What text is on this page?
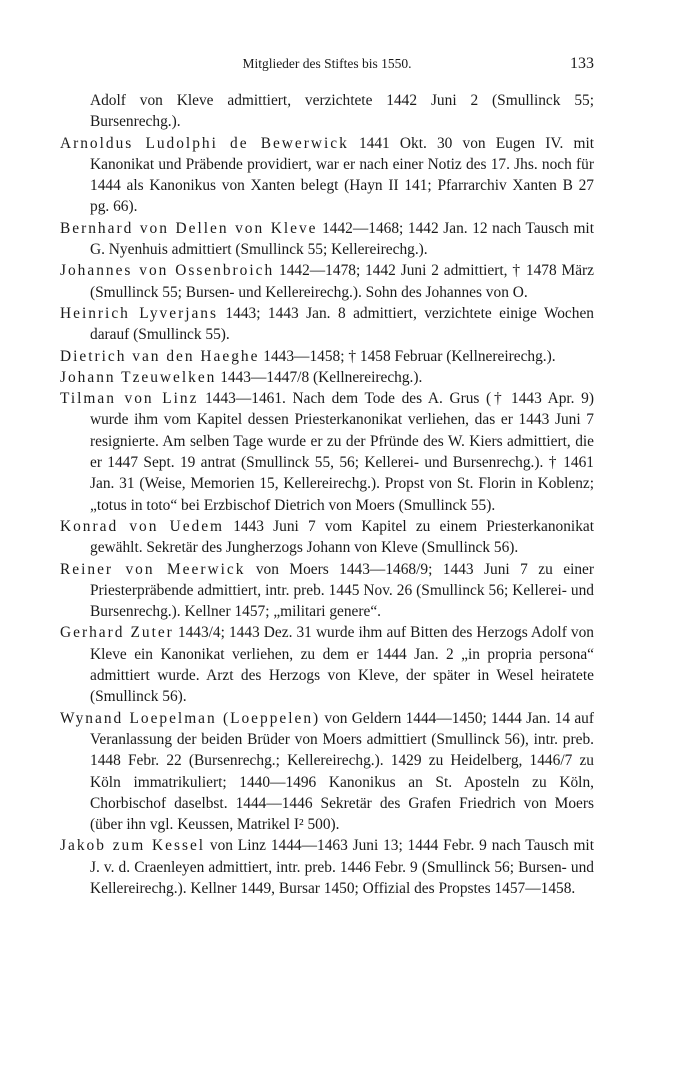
Mitglieder des Stiftes bis 1550.	133

Adolf von Kleve admittiert, verzichtete 1442 Juni 2 (Smullinck 55; Bursenrechg.).

Arnoldus Ludolphi de Bewerwick 1441 Okt. 30 von Eugen IV. mit Kanonikat und Präbende providiert, war er nach einer Notiz des 17. Jhs. noch für 1444 als Kanonikus von Xanten belegt (Hayn II 141; Pfarrarchiv Xanten B 27 pg. 66).

Bernhard von Dellen von Kleve 1442—1468; 1442 Jan. 12 nach Tausch mit G. Nyenhuis admittiert (Smullinck 55; Kellereirechg.).

Johannes von Ossenbroich 1442—1478; 1442 Juni 2 admittiert, † 1478 März (Smullinck 55; Bursen- und Kellereirechg.). Sohn des Johannes von O.

Heinrich Lyverjans 1443; 1443 Jan. 8 admittiert, verzichtete einige Wochen darauf (Smullinck 55).

Dietrich van den Haeghe 1443—1458; † 1458 Februar (Kellnereirechg.).

Johann Tzeuwelken 1443—1447/8 (Kellnereirechg.).

Tilman von Linz 1443—1461. Nach dem Tode des A. Grus († 1443 Apr. 9) wurde ihm vom Kapitel dessen Priesterkanonikat verliehen, das er 1443 Juni 7 resignierte. Am selben Tage wurde er zu der Pfründe des W. Kiers admittiert, die er 1447 Sept. 19 antrat (Smullinck 55, 56; Kellerei- und Bursenrechg.). † 1461 Jan. 31 (Weise, Memorien 15, Kellereirechg.). Propst von St. Florin in Koblenz; „totus in toto“ bei Erzbischof Dietrich von Moers (Smullinck 55).

Konrad von Uedem 1443 Juni 7 vom Kapitel zu einem Priesterkanonikat gewählt. Sekretär des Jungherzogs Johann von Kleve (Smullinck 56).

Reiner von Meerwick von Moers 1443—1468/9; 1443 Juni 7 zu einer Priesterpräbende admittiert, intr. preb. 1445 Nov. 26 (Smullinck 56; Kellerei- und Bursenrechg.). Kellner 1457; „militari genere“.

Gerhard Zuter 1443/4; 1443 Dez. 31 wurde ihm auf Bitten des Herzogs Adolf von Kleve ein Kanonikat verliehen, zu dem er 1444 Jan. 2 „in propria persona“ admittiert wurde. Arzt des Herzogs von Kleve, der später in Wesel heiratete (Smullinck 56).

Wynand Loepelman (Loeppelen) von Geldern 1444—1450; 1444 Jan. 14 auf Veranlassung der beiden Brüder von Moers admittiert (Smullinck 56), intr. preb. 1448 Febr. 22 (Bursenrechg.; Kellereirechg.). 1429 zu Heidelberg, 1446/7 zu Köln immatrikuliert; 1440—1496 Kanonikus an St. Aposteln zu Köln, Chorbischof daselbst. 1444—1446 Sekretär des Grafen Friedrich von Moers (über ihn vgl. Keussen, Matrikel I² 500).

Jakob zum Kessel von Linz 1444—1463 Juni 13; 1444 Febr. 9 nach Tausch mit J. v. d. Craenleyen admittiert, intr. preb. 1446 Febr. 9 (Smullinck 56; Bursen- und Kellereirechg.). Kellner 1449, Bursar 1450; Offizial des Propstes 1457—1458.
